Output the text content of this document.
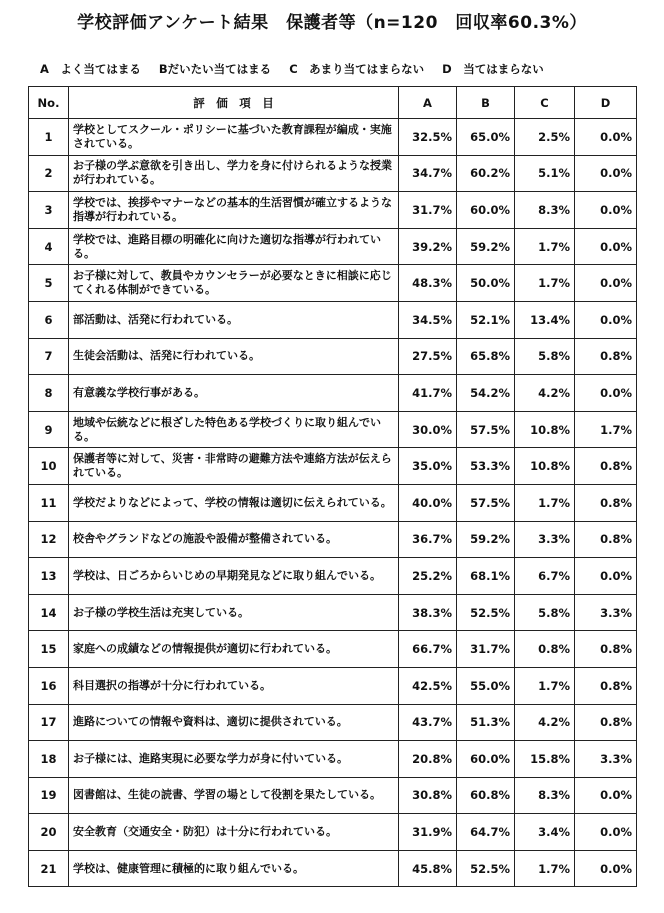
学校評価アンケート結果　保護者等（n=120　回収率60.3%）
A　よく当てはまる Bだいたい当てはまる C　あまり当てはまらない D　当てはまらない
No.	評　価　項　目	A	B	C	D
1	学校としてスクール・ポリシーに基づいた教育課程が編成・実施されている。	32.5%	65.0%	2.5%	0.0%
2	お子様の学ぶ意欲を引き出し、学力を身に付けられるような授業が行われている。	34.7%	60.2%	5.1%	0.0%
3	学校では、挨拶やマナーなどの基本的生活習慣が確立するような指導が行われている。	31.7%	60.0%	8.3%	0.0%
4	学校では、進路目標の明確化に向けた適切な指導が行われている。	39.2%	59.2%	1.7%	0.0%
5	お子様に対して、教員やカウンセラーが必要なときに相談に応じてくれる体制ができている。	48.3%	50.0%	1.7%	0.0%
6	部活動は、活発に行われている。	34.5%	52.1%	13.4%	0.0%
7	生徒会活動は、活発に行われている。	27.5%	65.8%	5.8%	0.8%
8	有意義な学校行事がある。	41.7%	54.2%	4.2%	0.0%
9	地域や伝統などに根ざした特色ある学校づくりに取り組んでいる。	30.0%	57.5%	10.8%	1.7%
10	保護者等に対して、災害・非常時の避難方法や連絡方法が伝えられている。	35.0%	53.3%	10.8%	0.8%
11	学校だよりなどによって、学校の情報は適切に伝えられている。	40.0%	57.5%	1.7%	0.8%
12	校舎やグランドなどの施設や設備が整備されている。	36.7%	59.2%	3.3%	0.8%
13	学校は、日ごろからいじめの早期発見などに取り組んでいる。	25.2%	68.1%	6.7%	0.0%
14	お子様の学校生活は充実している。	38.3%	52.5%	5.8%	3.3%
15	家庭への成績などの情報提供が適切に行われている。	66.7%	31.7%	0.8%	0.8%
16	科目選択の指導が十分に行われている。	42.5%	55.0%	1.7%	0.8%
17	進路についての情報や資料は、適切に提供されている。	43.7%	51.3%	4.2%	0.8%
18	お子様には、進路実現に必要な学力が身に付いている。	20.8%	60.0%	15.8%	3.3%
19	図書館は、生徒の読書、学習の場として役割を果たしている。	30.8%	60.8%	8.3%	0.0%
20	安全教育（交通安全・防犯）は十分に行われている。	31.9%	64.7%	3.4%	0.0%
21	学校は、健康管理に積極的に取り組んでいる。	45.8%	52.5%	1.7%	0.0%
